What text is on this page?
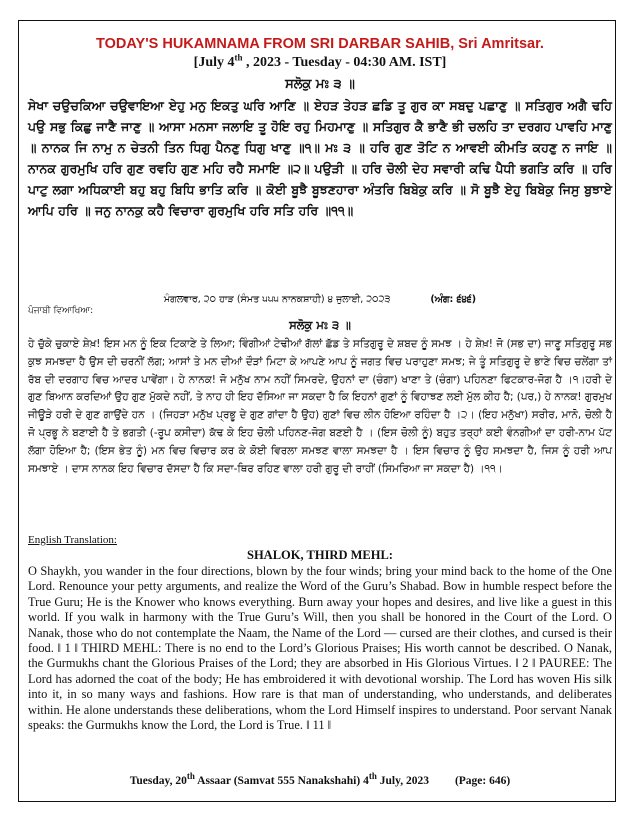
TODAY'S HUKAMNAMA FROM SRI DARBAR SAHIB, Sri Amritsar.
[July 4th , 2023 - Tuesday - 04:30 AM. IST]
ਸਲੋਕੁ ਮਃ ੩ ॥
ਸੇਖਾ ਚਉਚਕਿਆ ਚਉਵਾਇਆ ਏਹੁ ਮਨੁ ਇਕਤੁ ਘਰਿ ਆਣਿ ॥ ਏਹੜ ਤੇਹੜ ਛਡਿ ਤੂ ਗੁਰ ਕਾ ਸਬਦੁ ਪਛਾਣੁ ॥ ਸਤਿਗੁਰ ਅਗੈ ਢਹਿ ਪਉ ਸਭੁ ਕਿਛੁ ਜਾਣੈ ਜਾਣੁ ॥ ਆਸਾ ਮਨਸਾ ਜਲਾਇ ਤੂ ਹੋਇ ਰਹੁ ਮਿਹਮਾਣੁ ॥ ਸਤਿਗੁਰ ਕੈ ਭਾਣੈ ਭੀ ਚਲਹਿ ਤਾ ਦਰਗਹ ਪਾਵਹਿ ਮਾਣੁ ॥ ਨਾਨਕ ਜਿ ਨਾਮੁ ਨ ਚੇਤਨੀ ਤਿਨ ਧਿਗੁ ਪੈਨਣੁ ਧਿਗੁ ਖਾਣੁ ॥੧॥ ਮਃ ੩ ॥ ਹਰਿ ਗੁਣ ਤੋਟਿ ਨ ਆਵਈ ਕੀਮਤਿ ਕਹਣੁ ਨ ਜਾਇ ॥ ਨਾਨਕ ਗੁਰਮੁਖਿ ਹਰਿ ਗੁਣ ਰਵਹਿ ਗੁਣ ਮਹਿ ਰਹੈ ਸਮਾਇ ॥੨॥ ਪਉੜੀ ॥ ਹਰਿ ਚੋਲੀ ਦੇਹ ਸਵਾਰੀ ਕਢਿ ਪੈਧੀ ਭਗਤਿ ਕਰਿ ॥ ਹਰਿ ਪਾਟੁ ਲਗਾ ਅਧਿਕਾਈ ਬਹੁ ਬਹੁ ਬਿਧਿ ਭਾਤਿ ਕਰਿ ॥ ਕੋਈ ਬੂਝੈ ਬੂਝਣਹਾਰਾ ਅੰਤਰਿ ਬਿਬੇਕੁ ਕਰਿ ॥ ਸੋ ਬੂਝੈ ਏਹੁ ਬਿਬੇਕੁ ਜਿਸੁ ਬੁਝਾਏ ਆਪਿ ਹਰਿ ॥ ਜਨੁ ਨਾਨਕੁ ਕਹੈ ਵਿਚਾਰਾ ਗੁਰਮੁਖਿ ਹਰਿ ਸਤਿ ਹਰਿ ॥੧੧॥
ਮੰਗਲਵਾਰ, ੨੦ ਹਾੜ (ਸੰਮਤ ੫੫੫ ਨਾਨਕਸ਼ਾਹੀ) ੪ ਜੁਲਾਈ, ੨੦੨੩	(ਅੰਗ: ੬੪੬)
ਪੰਜਾਬੀ ਵਿਆਖਿਆ:
ਸਲੋਕੁ ਮਃ ੩ ॥
ਹੇ ਚੁੱਕੇ ਚੁਕਾਏ ਸ਼ੇਖ਼! ਇਸ ਮਨ ਨੂੰ ਇਕ ਟਿਕਾਣੇ ਤੇ ਲਿਆ; ਵਿੰਗੀਆਂ ਟੇਢੀਆਂ ਗੱਲਾਂ ਛੱਡ ਤੇ ਸਤਿਗੁਰੂ ਦੇ ਸ਼ਬਦ ਨੂੰ ਸਮਝ । ਹੇ ਸ਼ੇਖ਼! ਜੋ (ਸਭ ਦਾ) ਜਾਣੂ ਸਤਿਗੁਰੂ ਸਭ ਕੁਝ ਸਮਝਦਾ ਹੈ ਉਸ ਦੀ ਚਰਨੀਂ ਲੱਗ; ਆਸਾਂ ਤੇ ਮਨ ਦੀਆਂ ਦੌੜਾਂ ਮਿਟਾ ਕੇ ਆਪਣੇ ਆਪ ਨੂੰ ਜਗਤ ਵਿਚ ਪਰਾਹੁਣਾ ਸਮਝ; ਜੇ ਤੂੰ ਸਤਿਗੁਰੂ ਦੇ ਭਾਣੇ ਵਿਚ ਚਲੇਂਗਾ ਤਾਂ ਰੱਬ ਦੀ ਦਰਗਾਹ ਵਿਚ ਆਦਰ ਪਾਵੇਂਗਾ। ਹੇ ਨਾਨਕ! ਜੋ ਮਨੁੱਖ ਨਾਮ ਨਹੀਂ ਸਿਮਰਦੇ, ਉਹਨਾਂ ਦਾ (ਚੰਗਾ) ਖਾਣਾ ਤੇ (ਚੰਗਾ) ਪਹਿਨਣਾ ਫਿਟਕਾਰ-ਜੋਗ ਹੈ ।੧।ਹਰੀ ਦੇ ਗੁਣ ਬਿਆਨ ਕਰਦਿਆਂ ਉਹ ਗੁਣ ਮੁੱਕਦੇ ਨਹੀਂ, ਤੇ ਨਾਹ ਹੀ ਇਹ ਦੱਸਿਆ ਜਾ ਸਕਦਾ ਹੈ ਕਿ ਇਹਨਾਂ ਗੁਣਾਂ ਨੂੰ ਵਿਹਾਝਣ ਲਈ ਮੁੱਲ ਕੀਹ ਹੈ; (ਪਰ,) ਹੇ ਨਾਨਕ! ਗੁਰਮੁਖ ਜੀਊੜੇ ਹਰੀ ਦੇ ਗੁਣ ਗਾਉਂਦੇ ਹਨ । (ਜਿਹੜਾ ਮਨੁੱਖ ਪ੍ਰਭੂ ਦੇ ਗੁਣ ਗਾਂਦਾ ਹੈ ਉਹ) ਗੁਣਾਂ ਵਿਚ ਲੀਨ ਹੋਇਆ ਰਹਿੰਦਾ ਹੈ ।੨। (ਇਹ ਮਨੁੱਖਾ) ਸਰੀਰ, ਮਾਨੋ, ਚੋਲੀ ਹੈ ਜੋ ਪ੍ਰਭੂ ਨੇ ਬਣਾਈ ਹੈ ਤੇ ਭਗਤੀ (-ਰੂਪ ਕਸੀਦਾ) ਕੱਢ ਕੇ ਇਹ ਚੋਲੀ ਪਹਿਨਣ-ਜੋਗ ਬਣਈ ਹੈ । (ਇਸ ਚੋਲੀ ਨੂੰ) ਬਹੁਤ ਤਰ੍ਹਾਂ ਕਈ ਵੰਨਗੀਆਂ ਦਾ ਹਰੀ-ਨਾਮ ਪੱਟ ਲੱਗਾ ਹੋਇਆ ਹੈ; (ਇਸ ਭੇਤ ਨੂੰ) ਮਨ ਵਿਚ ਵਿਚਾਰ ਕਰ ਕੇ ਕੋਈ ਵਿਰਲਾ ਸਮਝਣ ਵਾਲਾ ਸਮਝਦਾ ਹੈ । ਇਸ ਵਿਚਾਰ ਨੂੰ ਉਹ ਸਮਝਦਾ ਹੈ, ਜਿਸ ਨੂੰ ਹਰੀ ਆਪ ਸਮਝਾਏ । ਦਾਸ ਨਾਨਕ ਇਹ ਵਿਚਾਰ ਦੱਸਦਾ ਹੈ ਕਿ ਸਦਾ-ਥਿਰ ਰਹਿਣ ਵਾਲਾ ਹਰੀ ਗੁਰੂ ਦੀ ਰਾਹੀਂ (ਸਿਮਰਿਆ ਜਾ ਸਕਦਾ ਹੈ) ।੧੧।
English Translation:
SHALOK, THIRD MEHL:
O Shaykh, you wander in the four directions, blown by the four winds; bring your mind back to the home of the One Lord. Renounce your petty arguments, and realize the Word of the Guru’s Shabad. Bow in humble respect before the True Guru; He is the Knower who knows everything. Burn away your hopes and desires, and live like a guest in this world. If you walk in harmony with the True Guru’s Will, then you shall be honored in the Court of the Lord. O Nanak, those who do not contemplate the Naam, the Name of the Lord — cursed are their clothes, and cursed is their food. ‖ 1 ‖ THIRD MEHL: There is no end to the Lord’s Glorious Praises; His worth cannot be described. O Nanak, the Gurmukhs chant the Glorious Praises of the Lord; they are absorbed in His Glorious Virtues. ‖ 2 ‖ PAUREE: The Lord has adorned the coat of the body; He has embroidered it with devotional worship. The Lord has woven His silk into it, in so many ways and fashions. How rare is that man of understanding, who understands, and deliberates within. He alone understands these deliberations, whom the Lord Himself inspires to understand. Poor servant Nanak speaks: the Gurmukhs know the Lord, the Lord is True. ‖ 11 ‖
Tuesday, 20th Assaar (Samvat 555 Nanakshahi) 4th July, 2023 (Page: 646)
